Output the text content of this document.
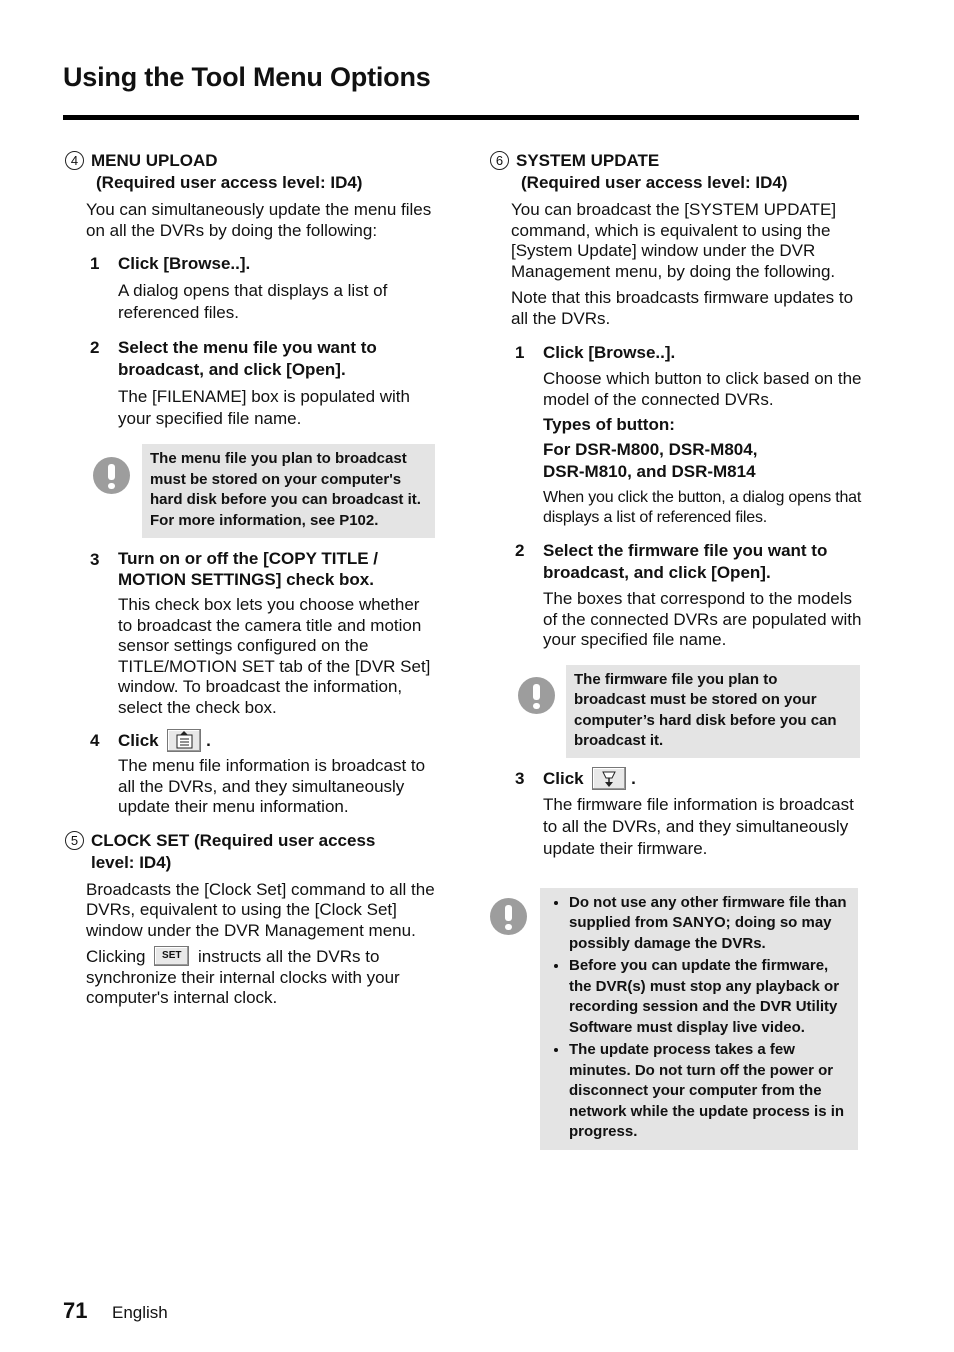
Using the Tool Menu Options
4 MENU UPLOAD
(Required user access level: ID4)
You can simultaneously update the menu files on all the DVRs by doing the following:
1 Click [Browse..].
A dialog opens that displays a list of referenced files.
2 Select the menu file you want to broadcast, and click [Open].
The [FILENAME] box is populated with your specified file name.
The menu file you plan to broadcast must be stored on your computer's hard disk before you can broadcast it. For more information, see P102.
3 Turn on or off the [COPY TITLE / MOTION SETTINGS] check box.
This check box lets you choose whether to broadcast the camera title and motion sensor settings configured on the TITLE/MOTION SET tab of the [DVR Set] window. To broadcast the information, select the check box.
4 Click	.
The menu file information is broadcast to all the DVRs, and they simultaneously update their menu information.
5 CLOCK SET (Required user access
level: ID4)
Broadcasts the [Clock Set] command to all the DVRs, equivalent to using the [Clock Set] window under the DVR Management menu.
Clicking SET instructs all the DVRs to synchronize their internal clocks with your computer's internal clock.
6 SYSTEM UPDATE
(Required user access level: ID4)
You can broadcast the [SYSTEM UPDATE] command, which is equivalent to using the [System Update] window under the DVR Management menu, by doing the following.
Note that this broadcasts firmware updates to all the DVRs.
1 Click [Browse..].
Choose which button to click based on the model of the connected DVRs.
Types of button:
For DSR-M800, DSR-M804, DSR-M810, and DSR-M814
When you click the button, a dialog opens that displays a list of referenced files.
2 Select the firmware file you want to broadcast, and click [Open].
The boxes that correspond to the models of the connected DVRs are populated with your specified file name.
The firmware file you plan to broadcast must be stored on your computer’s hard disk before you can broadcast it.
3 Click	.
The firmware file information is broadcast to all the DVRs, and they simultaneously update their firmware.
• Do not use any other firmware file than supplied from SANYO; doing so may possibly damage the DVRs.
• Before you can update the firmware, the DVR(s) must stop any playback or recording session and the DVR Utility Software must display live video.
• The update process takes a few minutes. Do not turn off the power or disconnect your computer from the network while the update process is in progress.
71 English
